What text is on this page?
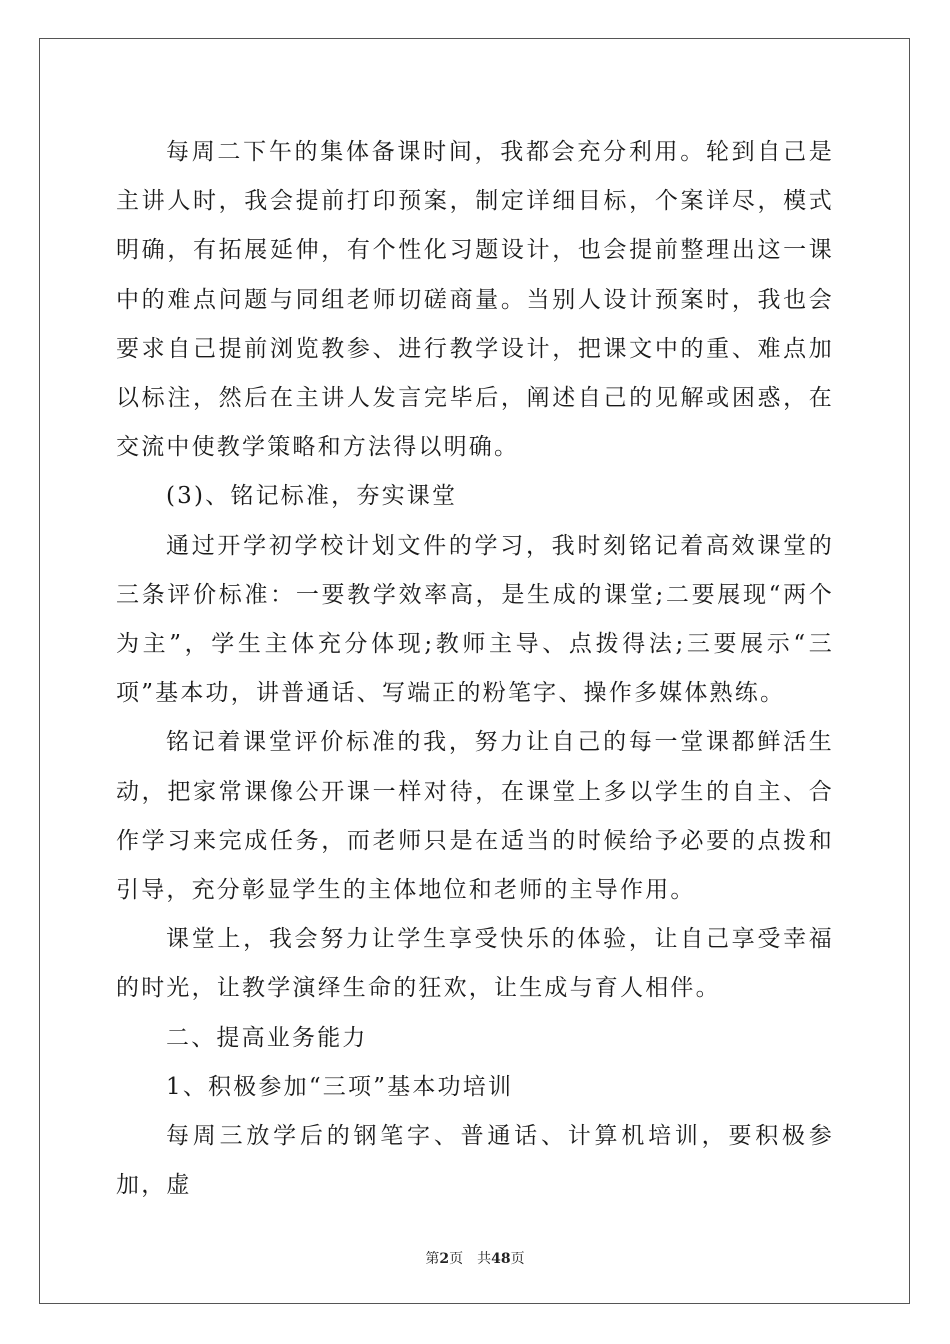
每周二下午的集体备课时间，我都会充分利用。轮到自己是主讲人时，我会提前打印预案，制定详细目标，个案详尽，模式明确，有拓展延伸，有个性化习题设计，也会提前整理出这一课中的难点问题与同组老师切磋商量。当别人设计预案时，我也会要求自己提前浏览教参、进行教学设计，把课文中的重、难点加以标注，然后在主讲人发言完毕后，阐述自己的见解或困惑，在交流中使教学策略和方法得以明确。

(3)、铭记标准，夯实课堂

通过开学初学校计划文件的学习，我时刻铭记着高效课堂的三条评价标准：一要教学效率高，是生成的课堂;二要展现“两个为主”，学生主体充分体现;教师主导、点拨得法;三要展示“三项”基本功，讲普通话、写端正的粉笔字、操作多媒体熟练。

铭记着课堂评价标准的我，努力让自己的每一堂课都鲜活生动，把家常课像公开课一样对待，在课堂上多以学生的自主、合作学习来完成任务，而老师只是在适当的时候给予必要的点拨和引导，充分彰显学生的主体地位和老师的主导作用。

课堂上，我会努力让学生享受快乐的体验，让自己享受幸福的时光，让教学演绎生命的狂欢，让生成与育人相伴。

二、提高业务能力

1、积极参加“三项”基本功培训

每周三放学后的钢笔字、普通话、计算机培训，要积极参加，虚

第2页 共48页
